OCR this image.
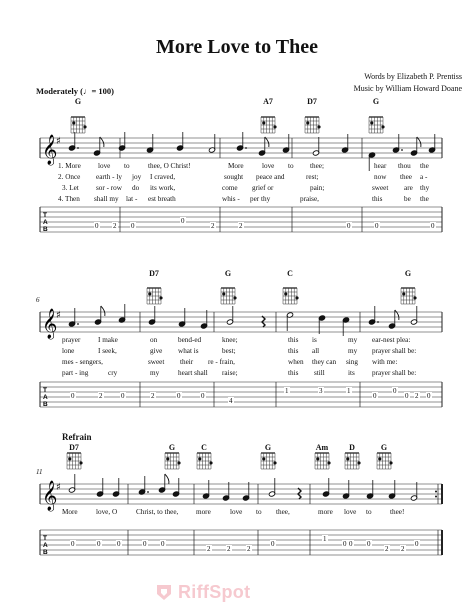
More Love to Thee
Words by Elizabeth P. Prentiss
Music by William Howard Doane
Moderately (♩= 100)
G	A7	D7	G
D7	G	C	G
Refrain
D7	G	C	G	Am	D	G
6
11
T
A
B
𝄞
♯
T
A
B
𝄞
♯
T
A
B
𝄞
♯
1. More love to	thee, O Christ!	More	love to thee;	hear thou the
2. Once earth - ly joy I craved,	sought peace and	rest;	now thee a -
3. Let sor - row do its work,	come grief or	pain;	sweet are thy
4. Then shall my lat - est breath	whis - per thy	praise,	this	be the
prayer I make	on	bend-ed	knee;	this is	my ear-nest plea:
lone	I seek,	give what is	best;	this all	my prayer shall be:
mes - sengers,	sweet their re - frain,	when they can sing with me:
part - ing	cry	my	heart shall raise;	this still	its prayer shall be:
More	love, O	Christ, to thee, more	love to thee,	more love to	thee!
0 2 0
0
2	2	0	0	0
0	2	0	2	0
4
0
1	3	1
0
0
2 0
0
0	0 0	0
2
0
2 2
0
1
0 0 0
2 2
0
RiffSpot
